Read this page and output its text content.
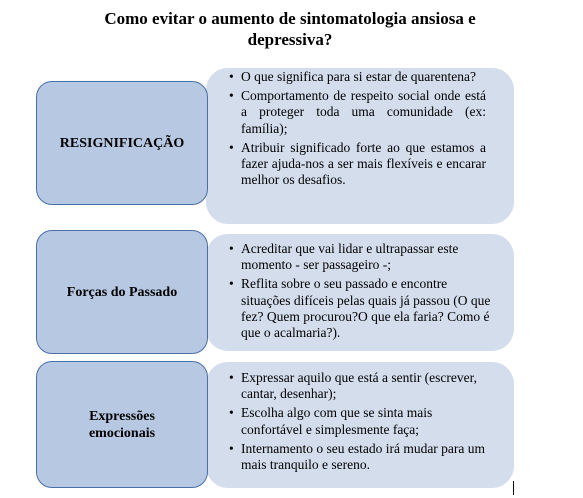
Como evitar o aumento de sintomatologia ansiosa e
depressiva?
RESIGNIFICAÇÃO
• O que significa para si estar de quarentena?
• Comportamento de respeito social onde está a proteger toda uma comunidade (ex: família);
• Atribuir significado forte ao que estamos a fazer ajuda-nos a ser mais flexíveis e encarar melhor os desafios.
Forças do Passado
• Acreditar que vai lidar e ultrapassar este momento - ser passageiro -;
• Reflita sobre o seu passado e encontre situações difíceis pelas quais já passou (O que fez? Quem procurou?O que ela faria? Como é que o acalmaria?).
Expressões
emocionais
• Expressar aquilo que está a sentir (escrever, cantar, desenhar);
• Escolha algo com que se sinta mais confortável e simplesmente faça;
• Internamento o seu estado irá mudar para um mais tranquilo e sereno.
